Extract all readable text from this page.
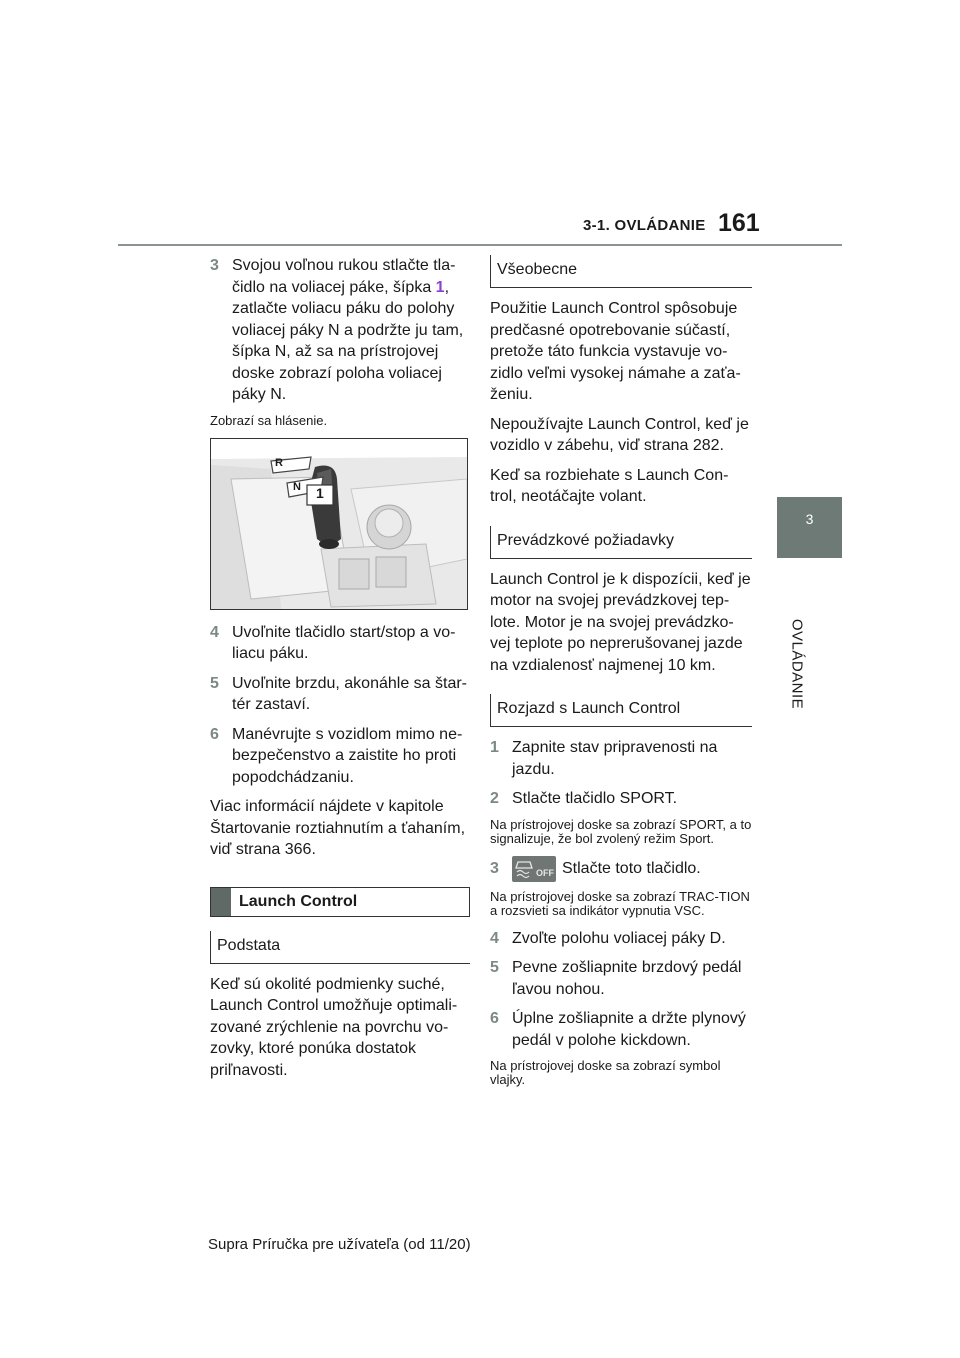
3-1. OVLÁDANIE 161
3
OVLÁDANIE
3 Svojou voľnou rukou stlačte tla-čidlo na voliacej páke, šípka 1, zatlačte voliacu páku do polohy voliacej páky N a podržte ju tam, šípka N, až sa na prístrojovej doske zobrazí poloha voliacej páky N.
Zobrazí sa hlásenie.
R
N 1
4 Uvoľnite tlačidlo start/stop a vo-liacu páku.
5 Uvoľnite brzdu, akonáhle sa štar-tér zastaví.
6 Manévrujte s vozidlom mimo ne-bezpečenstvo a zaistite ho proti popodchádzaniu.

Viac informácií nájdete v kapitole Štartovanie roztiahnutím a ťahaním, viď strana 366.

Launch Control
Podstata

Keď sú okolité podmienky suché, Launch Control umožňuje optimali-zované zrýchlenie na povrchu vo-zovky, ktoré ponúka dostatok priľnavosti.

Všeobecne

Použitie Launch Control spôsobuje predčasné opotrebovanie súčastí, pretože táto funkcia vystavuje vo-zidlo veľmi vysokej námahe a zaťa-ženiu.

Nepoužívajte Launch Control, keď je vozidlo v zábehu, viď strana 282.

Keď sa rozbiehate s Launch Con-trol, neotáčajte volant.

Prevádzkové požiadavky

Launch Control je k dispozícii, keď je motor na svojej prevádzkovej tep-lote. Motor je na svojej prevádzko-vej teplote po neprerušovanej jazde na vzdialenosť najmenej 10 km.

Rozjazd s Launch Control
1 Zapnite stav pripravenosti na jazdu.
2 Stlačte tlačidlo SPORT.
Na prístrojovej doske sa zobrazí SPORT, a to signalizuje, že bol zvolený režim Sport.
3	OFF Stlačte toto tlačidlo.
Na prístrojovej doske sa zobrazí TRAC-TION a rozsvieti sa indikátor vypnutia VSC.
4 Zvoľte polohu voliacej páky D.
5 Pevne zošliapnite brzdový pedál ľavou nohou.
6 Úplne zošliapnite a držte plynový pedál v polohe kickdown.
Na prístrojovej doske sa zobrazí symbol vlajky.
Supra Príručka pre užívateľa (od 11/20)
